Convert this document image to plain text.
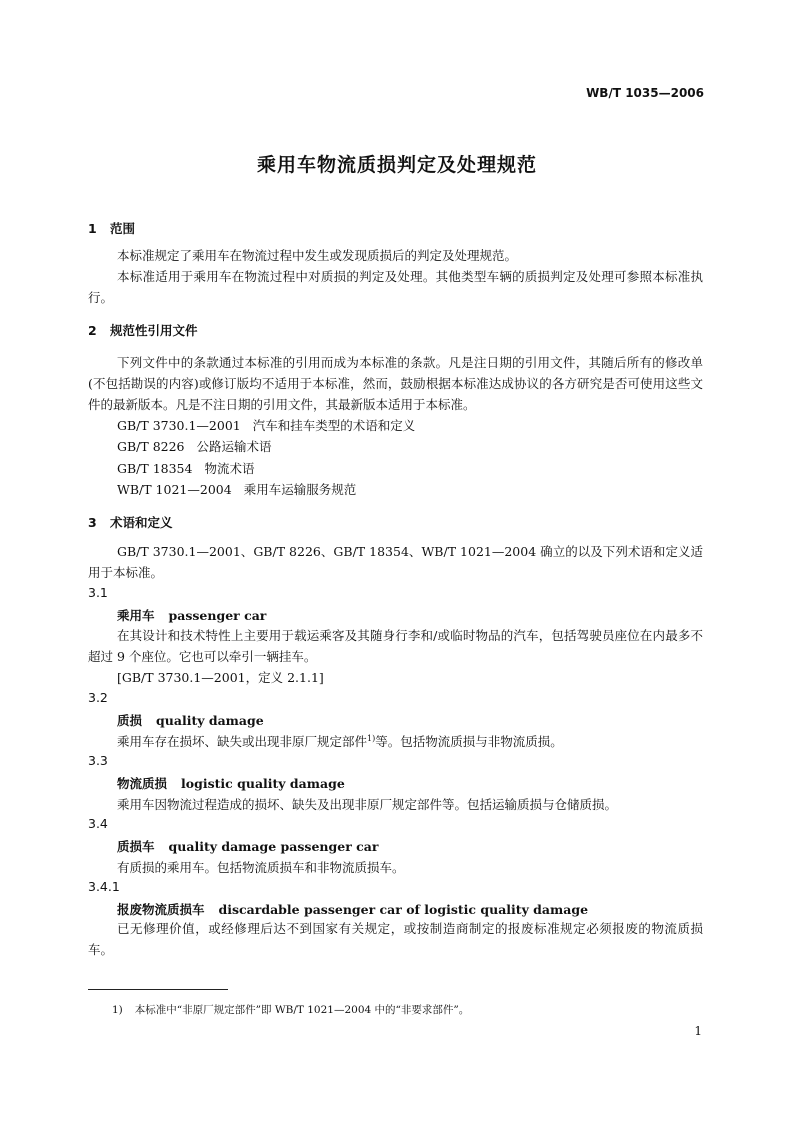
WB/T 1035—2006
乘用车物流质损判定及处理规范
1 范围
本标准规定了乘用车在物流过程中发生或发现质损后的判定及处理规范。
本标准适用于乘用车在物流过程中对质损的判定及处理。其他类型车辆的质损判定及处理可参照本标准执行。
2 规范性引用文件
下列文件中的条款通过本标准的引用而成为本标准的条款。凡是注日期的引用文件，其随后所有的修改单(不包括勘误的内容)或修订版均不适用于本标准，然而，鼓励根据本标准达成协议的各方研究是否可使用这些文件的最新版本。凡是不注日期的引用文件，其最新版本适用于本标准。
GB/T 3730.1—2001 汽车和挂车类型的术语和定义
GB/T 8226 公路运输术语
GB/T 18354 物流术语
WB/T 1021—2004 乘用车运输服务规范
3 术语和定义
GB/T 3730.1—2001、GB/T 8226、GB/T 18354、WB/T 1021—2004 确立的以及下列术语和定义适用于本标准。
3.1
乘用车 passenger car
在其设计和技术特性上主要用于载运乘客及其随身行李和/或临时物品的汽车，包括驾驶员座位在内最多不超过 9 个座位。它也可以牵引一辆挂车。
[GB/T 3730.1—2001，定义 2.1.1]
3.2
质损 quality damage
乘用车存在损坏、缺失或出现非原厂规定部件$^{1)}$等。包括物流质损与非物流质损。
3.3
物流质损 logistic quality damage
乘用车因物流过程造成的损坏、缺失及出现非原厂规定部件等。包括运输质损与仓储质损。
3.4
质损车 quality damage passenger car
有质损的乘用车。包括物流质损车和非物流质损车。
3.4.1
报废物流质损车 discardable passenger car of logistic quality damage
已无修理价值，或经修理后达不到国家有关规定，或按制造商制定的报废标准规定必须报废的物流质损车。
1) 本标准中“非原厂规定部件”即 WB/T 1021—2004 中的“非要求部件”。
1
